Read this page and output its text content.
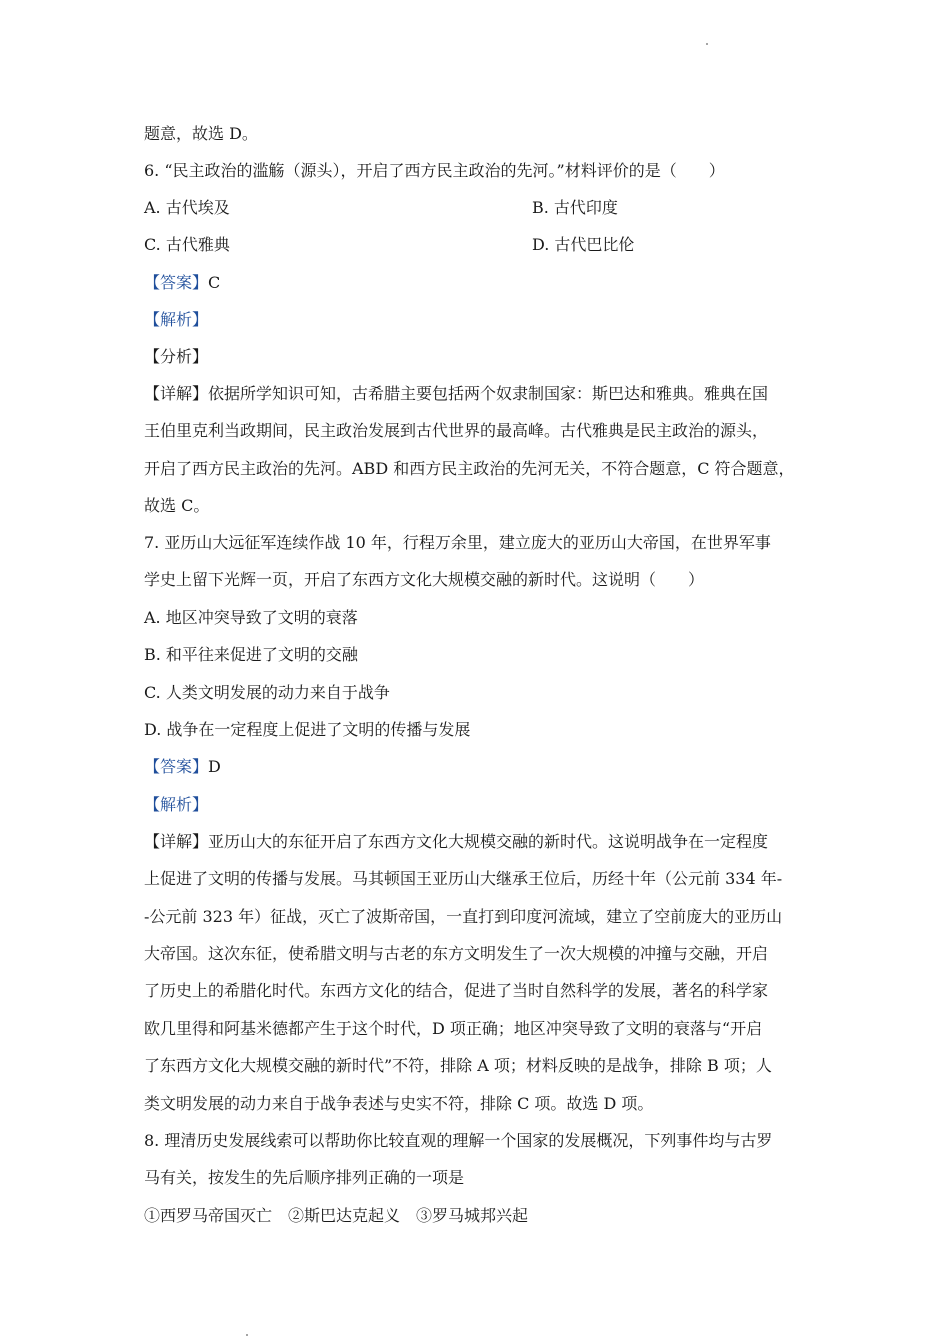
题意，故选 D。
6. “民主政治的滥觞（源头），开启了西方民主政治的先河。”材料评价的是（　　）
A. 古代埃及	B. 古代印度
C. 古代雅典	D. 古代巴比伦
【答案】C
【解析】
【分析】
【详解】依据所学知识可知，古希腊主要包括两个奴隶制国家：斯巴达和雅典。雅典在国
王伯里克利当政期间，民主政治发展到古代世界的最高峰。古代雅典是民主政治的源头，
开启了西方民主政治的先河。ABD 和西方民主政治的先河无关，不符合题意，C 符合题意，
故选 C。
7. 亚历山大远征军连续作战 10 年，行程万余里，建立庞大的亚历山大帝国，在世界军事
学史上留下光辉一页，开启了东西方文化大规模交融的新时代。这说明（　　）
A. 地区冲突导致了文明的衰落
B. 和平往来促进了文明的交融
C. 人类文明发展的动力来自于战争
D. 战争在一定程度上促进了文明的传播与发展
【答案】D
【解析】
【详解】亚历山大的东征开启了东西方文化大规模交融的新时代。这说明战争在一定程度
上促进了文明的传播与发展。马其顿国王亚历山大继承王位后，历经十年（公元前 334 年-
-公元前 323 年）征战，灭亡了波斯帝国，一直打到印度河流域，建立了空前庞大的亚历山
大帝国。这次东征，使希腊文明与古老的东方文明发生了一次大规模的冲撞与交融，开启
了历史上的希腊化时代。东西方文化的结合，促进了当时自然科学的发展，著名的科学家
欧几里得和阿基米德都产生于这个时代，D 项正确；地区冲突导致了文明的衰落与“开启
了东西方文化大规模交融的新时代”不符，排除 A 项；材料反映的是战争，排除 B 项；人
类文明发展的动力来自于战争表述与史实不符，排除 C 项。故选 D 项。
8. 理清历史发展线索可以帮助你比较直观的理解一个国家的发展概况，下列事件均与古罗
马有关，按发生的先后顺序排列正确的一项是
①西罗马帝国灭亡　②斯巴达克起义　③罗马城邦兴起
